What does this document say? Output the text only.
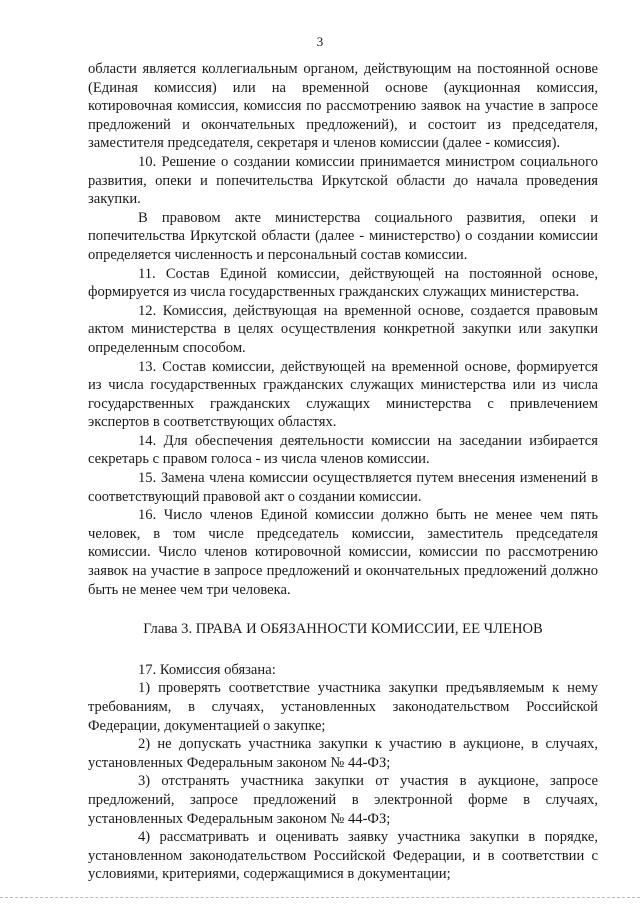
3

области является коллегиальным органом, действующим на постоянной основе (Единая комиссия) или на временной основе (аукционная комиссия, котировочная комиссия, комиссия по рассмотрению заявок на участие в запросе предложений и окончательных предложений), и состоит из председателя, заместителя председателя, секретаря и членов комиссии (далее - комиссия).

10. Решение о создании комиссии принимается министром социального развития, опеки и попечительства Иркутской области до начала проведения закупки.

В правовом акте министерства социального развития, опеки и попечительства Иркутской области (далее - министерство) о создании комиссии определяется численность и персональный состав комиссии.

11. Состав Единой комиссии, действующей на постоянной основе, формируется из числа государственных гражданских служащих министерства.

12. Комиссия, действующая на временной основе, создается правовым актом министерства в целях осуществления конкретной закупки или закупки определенным способом.

13. Состав комиссии, действующей на временной основе, формируется из числа государственных гражданских служащих министерства или из числа государственных гражданских служащих министерства с привлечением экспертов в соответствующих областях.

14. Для обеспечения деятельности комиссии на заседании избирается секретарь с правом голоса - из числа членов комиссии.

15. Замена члена комиссии осуществляется путем внесения изменений в соответствующий правовой акт о создании комиссии.

16. Число членов Единой комиссии должно быть не менее чем пять человек, в том числе председатель комиссии, заместитель председателя комиссии. Число членов котировочной комиссии, комиссии по рассмотрению заявок на участие в запросе предложений и окончательных предложений должно быть не менее чем три человека.

Глава 3. ПРАВА И ОБЯЗАННОСТИ КОМИССИИ, ЕЕ ЧЛЕНОВ

17. Комиссия обязана:

1) проверять соответствие участника закупки предъявляемым к нему требованиям, в случаях, установленных законодательством Российской Федерации, документацией о закупке;

2) не допускать участника закупки к участию в аукционе, в случаях, установленных Федеральным законом № 44-ФЗ;

3) отстранять участника закупки от участия в аукционе, запросе предложений, запросе предложений в электронной форме в случаях, установленных Федеральным законом № 44-ФЗ;

4) рассматривать и оценивать заявку участника закупки в порядке, установленном законодательством Российской Федерации, и в соответствии с условиями, критериями, содержащимися в документации;
